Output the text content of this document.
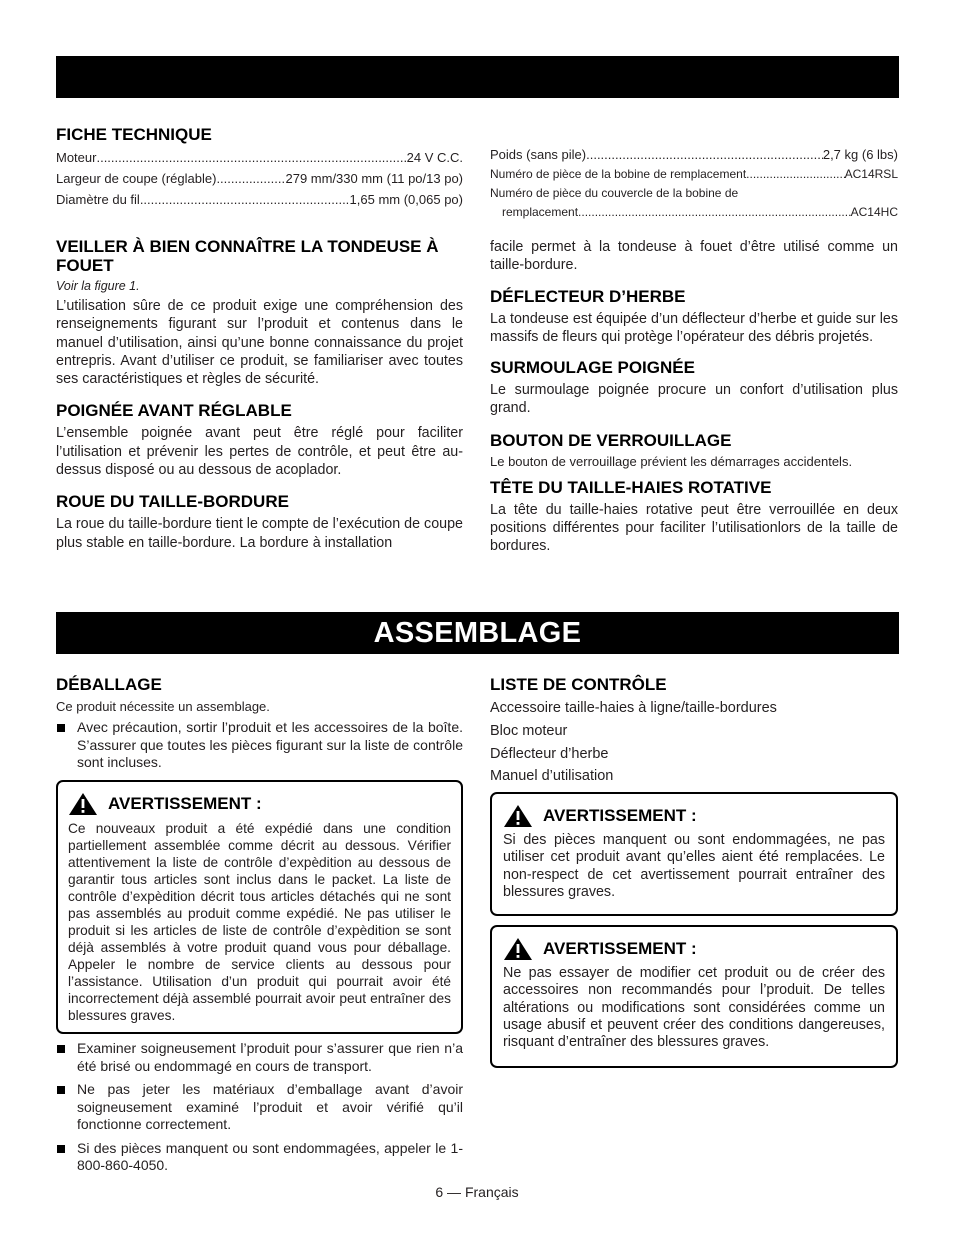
FICHE TECHNIQUE
Moteur .....	24 V C.C.
Largeur de coupe (réglable) .....	279 mm/330 mm (11 po/13 po)
Diamètre du fil .....	1,65 mm (0,065 po)
VEILLER À BIEN CONNAÎTRE LA TONDEUSE À FOUET
Voir la figure 1.

L’utilisation sûre de ce produit exige une compréhension des renseignements figurant sur l’produit et contenus dans le manuel d’utilisation, ainsi qu’une bonne connaissance du projet entrepris. Avant d’utiliser ce produit, se familiariser avec toutes ses caractéristiques et règles de sécurité.

POIGNÉE AVANT RÉGLABLE

L’ensemble poignée avant peut être réglé pour faciliter l’utilisation et prévenir les pertes de contrôle, et peut être au-dessus disposé ou au dessous de acoplador.

ROUE DU TAILLE-BORDURE

La roue du taille-bordure tient le compte de l’exécution de coupe plus stable en taille-bordure. La bordure à installation

Poids (sans pile) .....	2,7 kg (6 lbs)
Numéro de pièce de la bobine de remplacement .....	AC14RSL
Numéro de pièce du couvercle de la bobine de
remplacement .....	AC14HC

facile permet à la tondeuse à fouet d’être utilisé comme un taille-bordure.

DÉFLECTEUR D’HERBE

La tondeuse est équipée d’un déflecteur d’herbe et guide sur les massifs de fleurs qui protège l’opérateur des débris projetés.

SURMOULAGE POIGNÉE

Le surmoulage poignée procure un confort d’utilisation plus grand.

BOUTON DE VERROUILLAGE

Le bouton de verrouillage prévient les démarrages accidentels.

TÊTE DU TAILLE-HAIES ROTATIVE

La tête du taille-haies rotative peut être verrouillée en deux positions différentes pour faciliter l’utilisationlors de la taille de bordures.

ASSEMBLAGE
DÉBALLAGE

Ce produit nécessite un assemblage.

Avec précaution, sortir l’produit et les accessoires de la boîte. S’assurer que toutes les pièces figurant sur la liste de contrôle sont incluses.
AVERTISSEMENT :

Ce nouveaux produit a été expédié dans une condition partiellement assemblée comme décrit au dessous. Vérifier attentivement la liste de contrôle d’expèdition au dessous de garantir tous articles sont inclus dans le packet. La liste de contrôle d’expèdition décrit tous articles détachés qui ne sont pas assemblés au produit comme expédié. Ne pas utiliser le produit si les articles de liste de contrôle d’expèdition se sont déjà assemblés à votre produit quand vous pour déballage. Appeler le nombre de service clients au dessous pour l’assistance. Utilisation d’un produit qui pourrait avoir été incorrectement déjà assemblé pourrait avoir peut entraîner des blessures graves.

Examiner soigneusement l’produit pour s’assurer que rien n’a été brisé ou endommagé en cours de transport.
Ne pas jeter les matériaux d’emballage avant d’avoir soigneusement examiné l’produit et avoir vérifié qu’il fonctionne correctement.
Si des pièces manquent ou sont endommagées, appeler le 1-800-860-4050.
LISTE DE CONTRÔLE
Accessoire taille-haies à ligne/taille-bordures
Bloc moteur
Déflecteur d’herbe
Manuel d’utilisation
AVERTISSEMENT :

Si des pièces manquent ou sont endommagées, ne pas utiliser cet produit avant qu’elles aient été remplacées. Le non-respect de cet avertissement pourrait entraîner des blessures graves.

AVERTISSEMENT :

Ne pas essayer de modifier cet produit ou de créer des accessoires non recommandés pour l’produit. De telles altérations ou modifications sont considérées comme un usage abusif et peuvent créer des conditions dangereuses, risquant d’entraîner des blessures graves.

6 — Français
